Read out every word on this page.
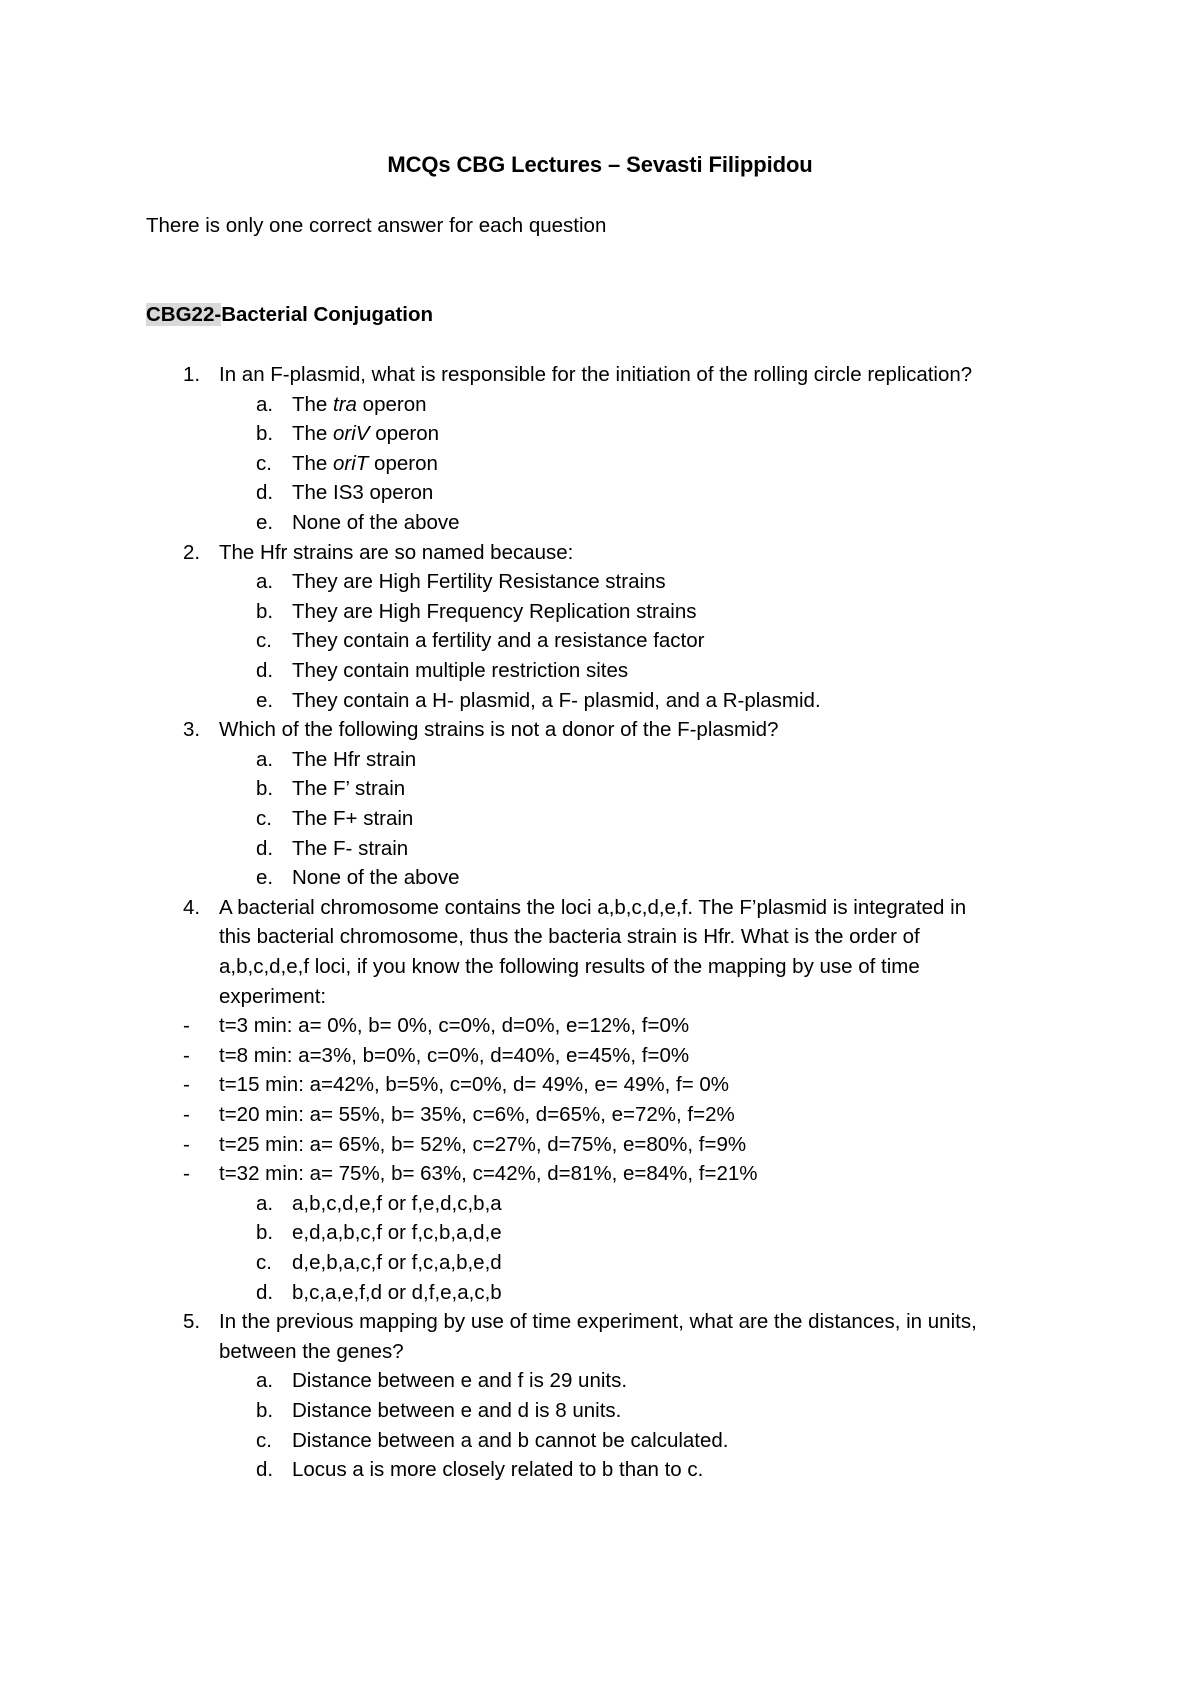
MCQs CBG Lectures – Sevasti Filippidou
There is only one correct answer for each question
CBG22-Bacterial Conjugation
1. In an F-plasmid, what is responsible for the initiation of the rolling circle replication?
a. The tra operon
b. The oriV operon
c. The oriT operon
d. The IS3 operon
e. None of the above
2. The Hfr strains are so named because:
a. They are High Fertility Resistance strains
b. They are High Frequency Replication strains
c. They contain a fertility and a resistance factor
d. They contain multiple restriction sites
e. They contain a H- plasmid, a F- plasmid, and a R-plasmid.
3. Which of the following strains is not a donor of the F-plasmid?
a. The Hfr strain
b. The F’ strain
c. The F+ strain
d. The F- strain
e. None of the above
4. A bacterial chromosome contains the loci a,b,c,d,e,f. The F’plasmid is integrated in
this bacterial chromosome, thus the bacteria strain is Hfr. What is the order of
a,b,c,d,e,f loci, if you know the following results of the mapping by use of time
experiment:
- t=3 min: a= 0%, b= 0%, c=0%, d=0%, e=12%, f=0%
- t=8 min: a=3%, b=0%, c=0%, d=40%, e=45%, f=0%
- t=15 min: a=42%, b=5%, c=0%, d= 49%, e= 49%, f= 0%
- t=20 min: a= 55%, b= 35%, c=6%, d=65%, e=72%, f=2%
- t=25 min: a= 65%, b= 52%, c=27%, d=75%, e=80%, f=9%
- t=32 min: a= 75%, b= 63%, c=42%, d=81%, e=84%, f=21%
a. a,b,c,d,e,f or f,e,d,c,b,a
b. e,d,a,b,c,f or f,c,b,a,d,e
c. d,e,b,a,c,f or f,c,a,b,e,d
d. b,c,a,e,f,d or d,f,e,a,c,b
5. In the previous mapping by use of time experiment, what are the distances, in units,
between the genes?
a. Distance between e and f is 29 units.
b. Distance between e and d is 8 units.
c. Distance between a and b cannot be calculated.
d. Locus a is more closely related to b than to c.
